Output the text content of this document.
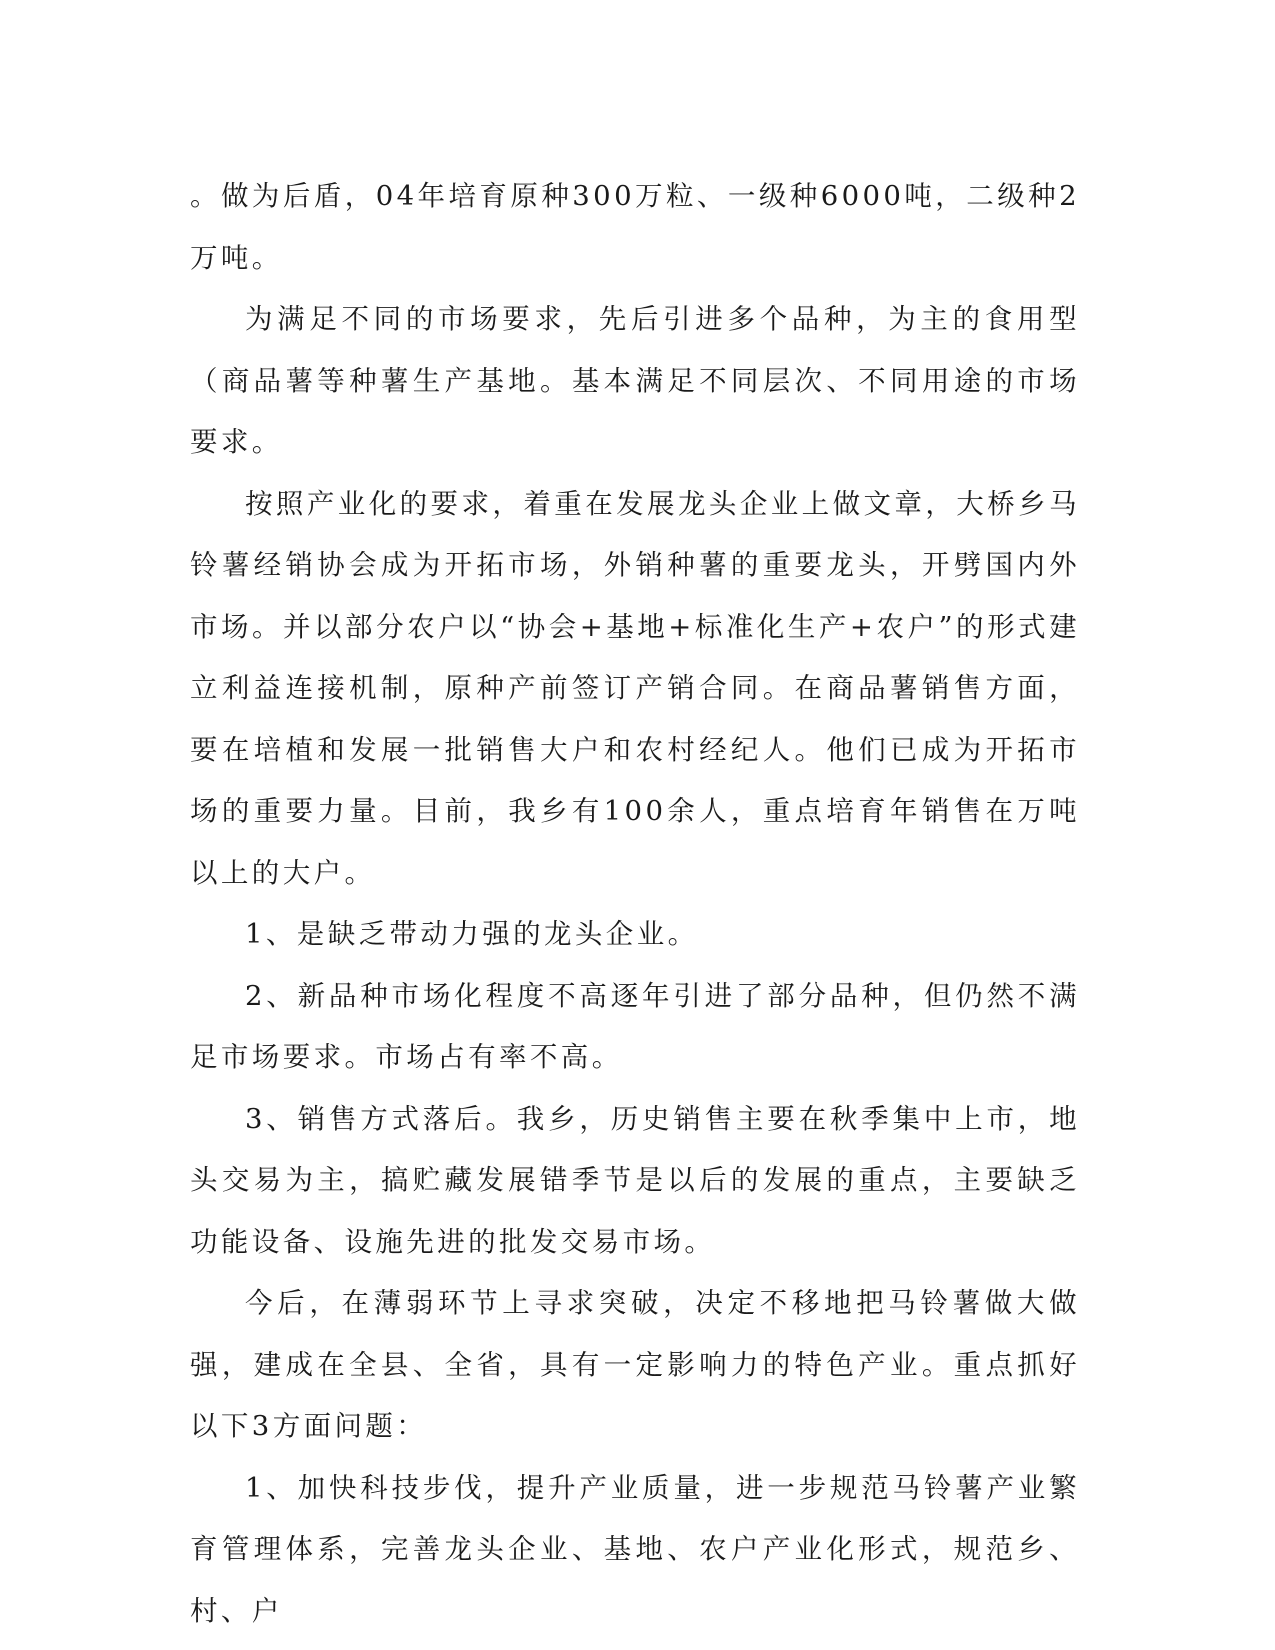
。做为后盾，04年培育原种300万粒、一级种6000吨，二级种2万吨。

为满足不同的市场要求，先后引进多个品种，为主的食用型（商品薯等种薯生产基地。基本满足不同层次、不同用途的市场要求。

按照产业化的要求，着重在发展龙头企业上做文章，大桥乡马铃薯经销协会成为开拓市场，外销种薯的重要龙头，开劈国内外市场。并以部分农户以“协会+基地+标准化生产+农户”的形式建立利益连接机制，原种产前签订产销合同。在商品薯销售方面，要在培植和发展一批销售大户和农村经纪人。他们已成为开拓市场的重要力量。目前，我乡有100余人，重点培育年销售在万吨以上的大户。

1、是缺乏带动力强的龙头企业。

2、新品种市场化程度不高逐年引进了部分品种，但仍然不满足市场要求。市场占有率不高。

3、销售方式落后。我乡，历史销售主要在秋季集中上市，地头交易为主，搞贮藏发展错季节是以后的发展的重点，主要缺乏功能设备、设施先进的批发交易市场。

今后，在薄弱环节上寻求突破，决定不移地把马铃薯做大做强，建成在全县、全省，具有一定影响力的特色产业。重点抓好以下3方面问题：

1、加快科技步伐，提升产业质量，进一步规范马铃薯产业繁育管理体系，完善龙头企业、基地、农户产业化形式，规范乡、村、户
